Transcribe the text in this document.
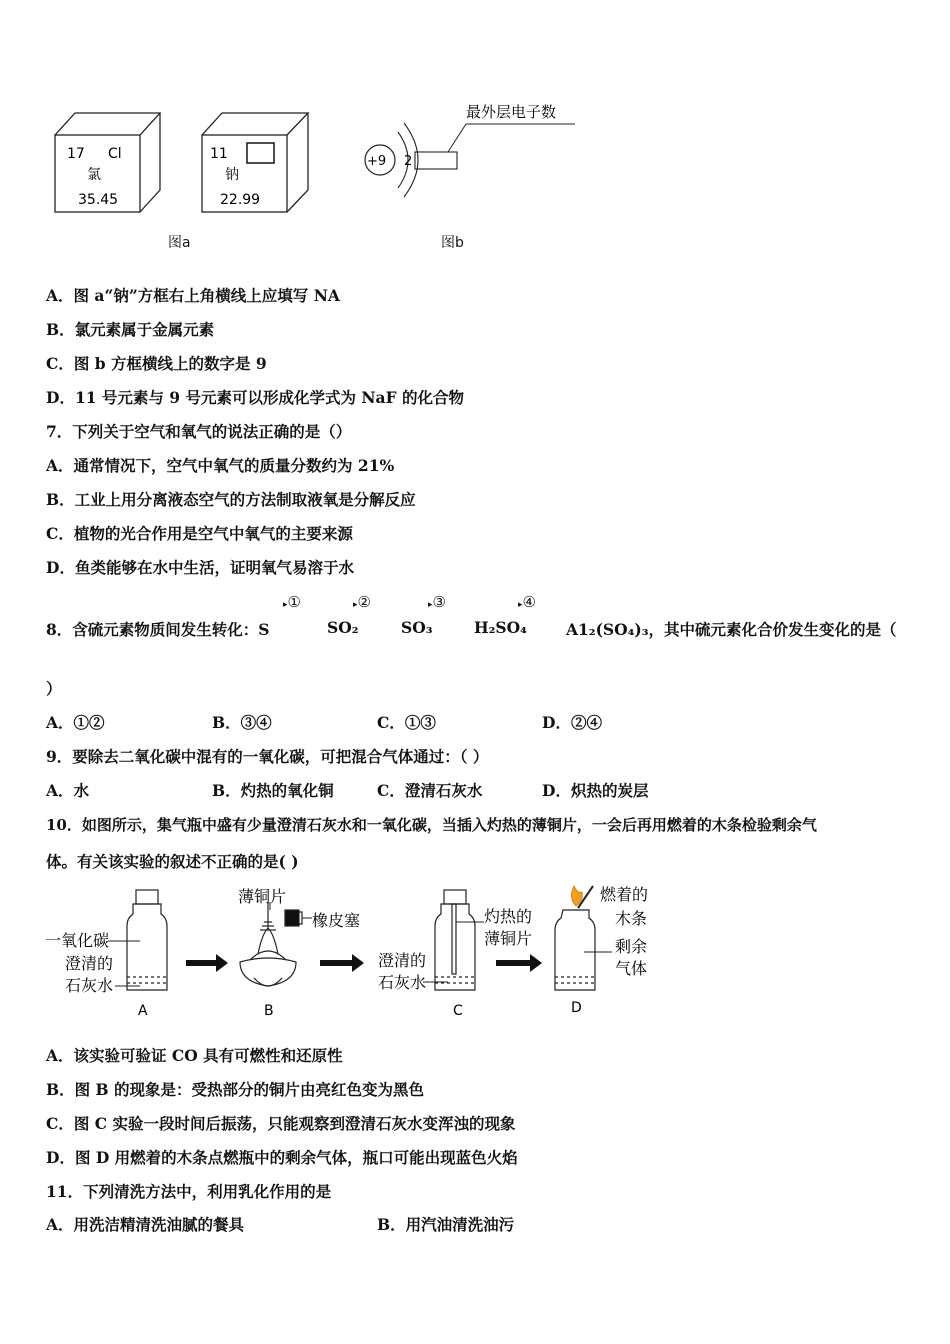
17 Cl
氯
35.45
11
钠
22.99
图a
+9 2
最外层电子数
图b
A．图 a“钠”方框右上角横线上应填写 NA
B．氯元素属于金属元素
C．图 b 方框横线上的数字是 9
D．11 号元素与 9 号元素可以形成化学式为 NaF 的化合物
7．下列关于空气和氧气的说法正确的是（）
A．通常情况下，空气中氧气的质量分数约为 21%
B．工业上用分离液态空气的方法制取液氧是分解反应
C．植物的光合作用是空气中氧气的主要来源
D．鱼类能够在水中生活，证明氧气易溶于水
▸①	▸②	▸③	▸④
8．含硫元素物质间发生转化：S	SO₂	SO₃	H₂SO₄	A1₂(SO₄)₃，其中硫元素化合价发生变化的是（
）
A．①②	B．③④	C．①③	D．②④
9．要除去二氧化碳中混有的一氧化碳，可把混合气体通过：（ ）
A．水	B．灼热的氧化铜	C．澄清石灰水	D．炽热的炭层
10．如图所示，集气瓶中盛有少量澄清石灰水和一氧化碳，当插入灼热的薄铜片，一会后再用燃着的木条检验剩余气
体。有关该实验的叙述不正确的是( )
一氧化碳
澄清的
石灰水
A
薄铜片
橡皮塞
B
澄清的
石灰水
灼热的
薄铜片
C
燃着的
木条
剩余
气体
D
A．该实验可验证 CO 具有可燃性和还原性
B．图 B 的现象是：受热部分的铜片由亮红色变为黑色
C．图 C 实验一段时间后振荡，只能观察到澄清石灰水变浑浊的现象
D．图 D 用燃着的木条点燃瓶中的剩余气体，瓶口可能出现蓝色火焰
11．下列清洗方法中，利用乳化作用的是
A．用洗洁精清洗油腻的餐具	B．用汽油清洗油污
